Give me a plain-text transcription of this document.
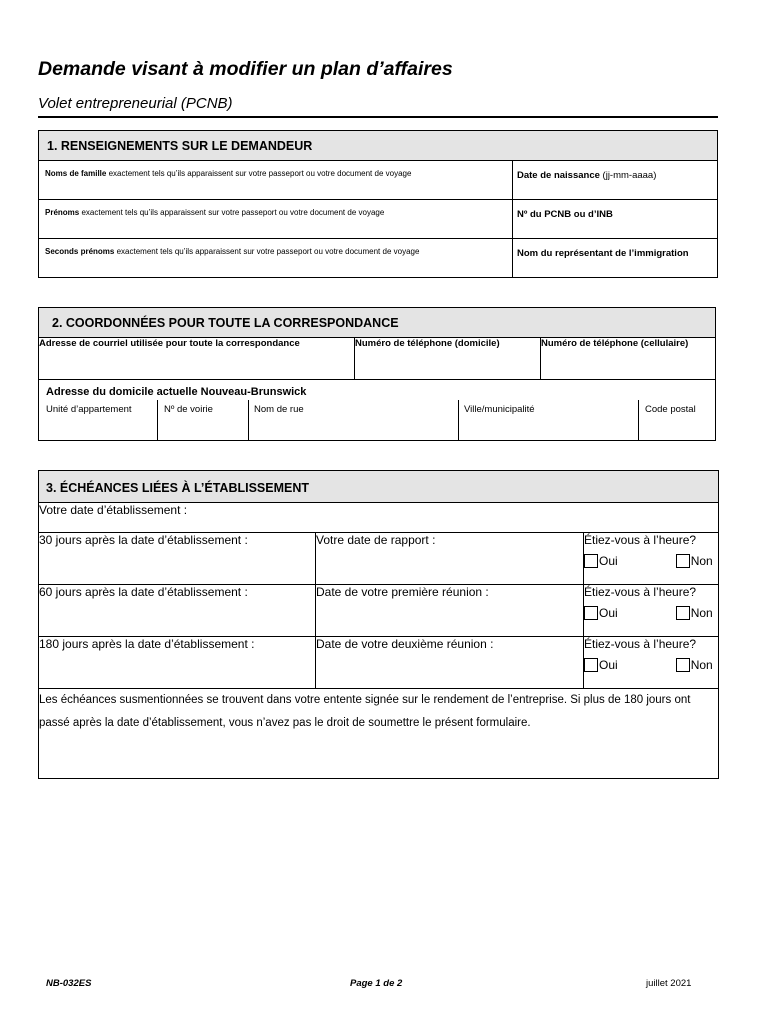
Demande visant à modifier un plan d’affaires
Volet entrepreneurial (PCNB)
1. RENSEIGNEMENTS SUR LE DEMANDEUR	
Noms de famille exactement tels qu’ils apparaissent sur votre passeport ou votre document de voyage	Date de naissance (jj-mm-aaaa)
Prénoms exactement tels qu’ils apparaissent sur votre passeport ou votre document de voyage	Nº du PCNB ou d’INB
Seconds prénoms exactement tels qu’ils apparaissent sur votre passeport ou votre document de voyage	Nom du représentant de l’immigration
2. COORDONNÉES POUR TOUTE LA CORRESPONDANCE
Adresse de courriel utilisée pour toute la correspondance	Numéro de téléphone (domicile)	Numéro de téléphone (cellulaire)

Adresse du domicile actuelle Nouveau-Brunswick
Unité d’appartement	Nº de voirie	Nom de rue	Ville/municipalité	Code postal
3. ÉCHÉANCES LIÉES À L’ÉTABLISSEMENT		
Votre date d’établissement :		
30 jours après la date d’établissement :	Votre date de rapport :	Étiez-vous à l’heure?
Oui Non

60 jours après la date d’établissement :	Date de votre première réunion :	Étiez-vous à l’heure?
Oui Non

180 jours après la date d’établissement :	Date de votre deuxième réunion :	Étiez-vous à l’heure?
Oui Non

Les échéances susmentionnées se trouvent dans votre entente signée sur le rendement de l’entreprise. Si plus de 180 jours ont passé après la date d’établissement, vous n’avez pas le droit de soumettre le présent formulaire.		
NB-032ES	Page 1 de 2	juillet 2021
